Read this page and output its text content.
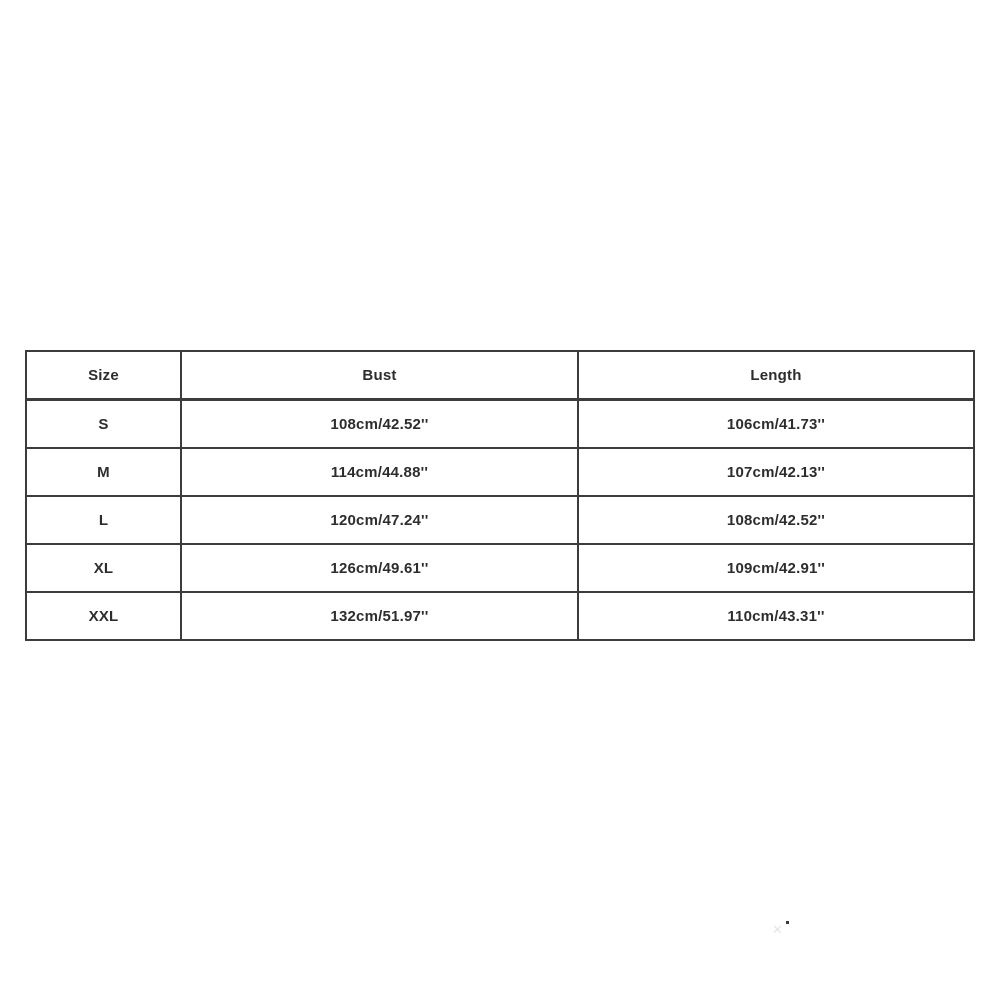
Size	Bust	Length
S	108cm/42.52''	106cm/41.73''
M	114cm/44.88''	107cm/42.13''
L	120cm/47.24''	108cm/42.52''
XL	126cm/49.61''	109cm/42.91''
XXL	132cm/51.97''	110cm/43.31''
✕
